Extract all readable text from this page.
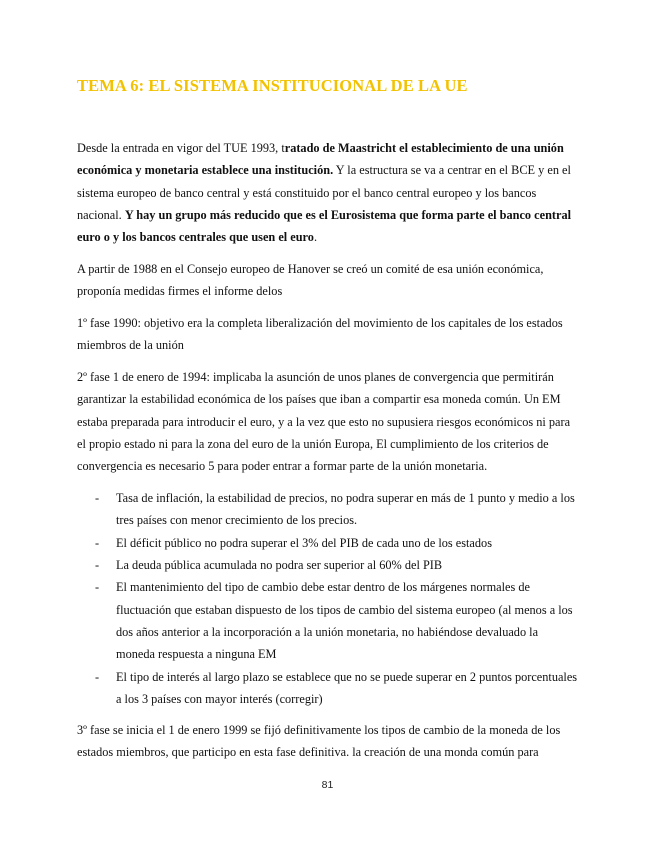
TEMA 6: EL SISTEMA INSTITUCIONAL DE LA UE

Desde la entrada en vigor del TUE 1993, tratado de Maastricht el establecimiento de una unión económica y monetaria establece una institución. Y la estructura se va a centrar en el BCE y en el sistema europeo de banco central y está constituido por el banco central europeo y los bancos nacional. Y hay un grupo más reducido que es el Eurosistema que forma parte el banco central euro o y los bancos centrales que usen el euro.

A partir de 1988 en el Consejo europeo de Hanover se creó un comité de esa unión económica, proponía medidas firmes el informe delos

1º fase 1990: objetivo era la completa liberalización del movimiento de los capitales de los estados miembros de la unión

2º fase 1 de enero de 1994: implicaba la asunción de unos planes de convergencia que permitirán garantizar la estabilidad económica de los países que iban a compartir esa moneda común. Un EM estaba preparada para introducir el euro, y a la vez que esto no supusiera riesgos económicos ni para el propio estado ni para la zona del euro de la unión Europa, El cumplimiento de los criterios de convergencia es necesario 5 para poder entrar a formar parte de la unión monetaria.

- Tasa de inflación, la estabilidad de precios, no podra superar en más de 1 punto y medio a los tres países con menor crecimiento de los precios.
- El déficit público no podra superar el 3% del PIB de cada uno de los estados
- La deuda pública acumulada no podra ser superior al 60% del PIB
- El mantenimiento del tipo de cambio debe estar dentro de los márgenes normales de fluctuación que estaban dispuesto de los tipos de cambio del sistema europeo (al menos a los dos años anterior a la incorporación a la unión monetaria, no habiéndose devaluado la moneda respuesta a ninguna EM
- El tipo de interés al largo plazo se establece que no se puede superar en 2 puntos porcentuales a los 3 países con mayor interés (corregir)

3º fase se inicia el 1 de enero 1999 se fijó definitivamente los tipos de cambio de la moneda de los estados miembros, que participo en esta fase definitiva. la creación de una monda común para

81
